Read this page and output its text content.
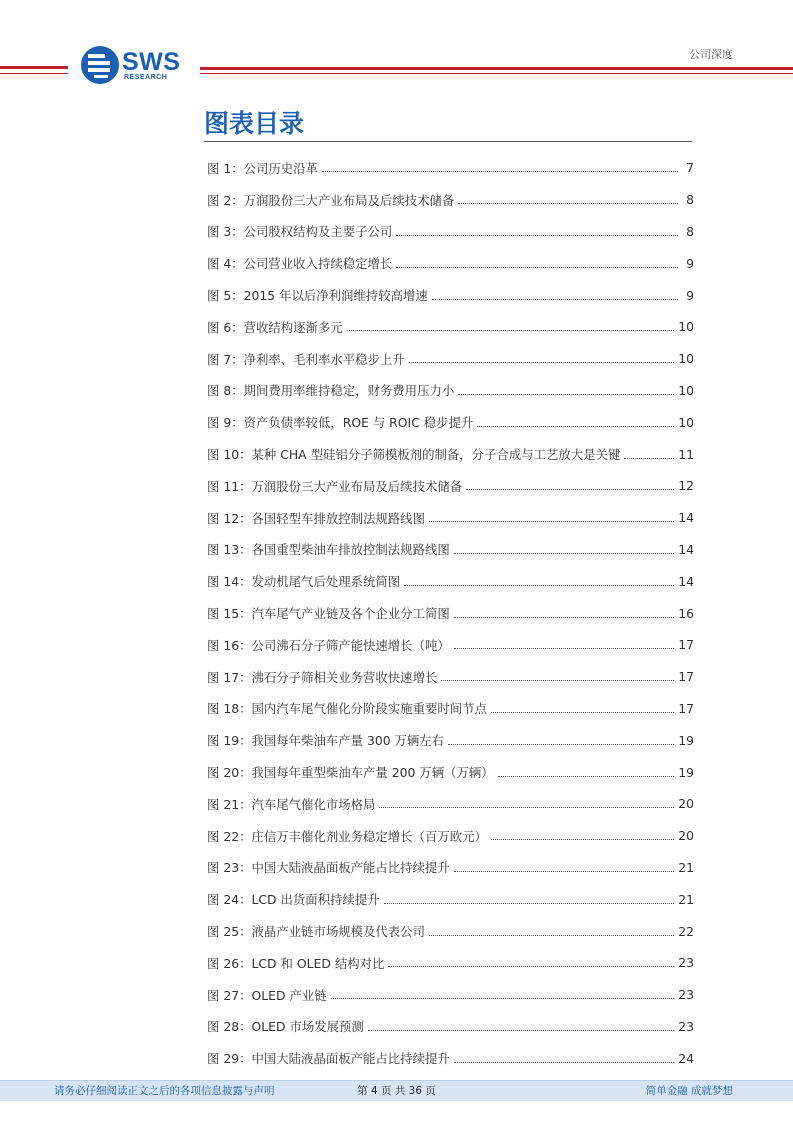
SWS
RESEARCH
公司深度
图表目录
图 1：公司历史沿革	7
图 2：万润股份三大产业布局及后续技术储备	8
图 3：公司股权结构及主要子公司	8
图 4：公司营业收入持续稳定增长	9
图 5：2015 年以后净利润维持较高增速	9
图 6：营收结构逐渐多元	10
图 7：净利率、毛利率水平稳步上升	10
图 8：期间费用率维持稳定，财务费用压力小	10
图 9：资产负债率较低，ROE 与 ROIC 稳步提升	10
图 10：某种 CHA 型硅铝分子筛模板剂的制备，分子合成与工艺放大是关键	11
图 11：万润股份三大产业布局及后续技术储备	12
图 12：各国轻型车排放控制法规路线图	14
图 13：各国重型柴油车排放控制法规路线图	14
图 14：发动机尾气后处理系统简图	14
图 15：汽车尾气产业链及各个企业分工简图	16
图 16：公司沸石分子筛产能快速增长（吨）	17
图 17：沸石分子筛相关业务营收快速增长	17
图 18：国内汽车尾气催化分阶段实施重要时间节点	17
图 19：我国每年柴油车产量 300 万辆左右	19
图 20：我国每年重型柴油车产量 200 万辆（万辆）	19
图 21：汽车尾气催化市场格局	20
图 22：庄信万丰催化剂业务稳定增长（百万欧元）	20
图 23：中国大陆液晶面板产能占比持续提升	21
图 24：LCD 出货面积持续提升	21
图 25：液晶产业链市场规模及代表公司	22
图 26：LCD 和 OLED 结构对比	23
图 27：OLED 产业链	23
图 28：OLED 市场发展预测	23
图 29：中国大陆液晶面板产能占比持续提升	24
请务必仔细阅读正文之后的各项信息披露与声明	第 4 页 共 36 页	简单金融 成就梦想
